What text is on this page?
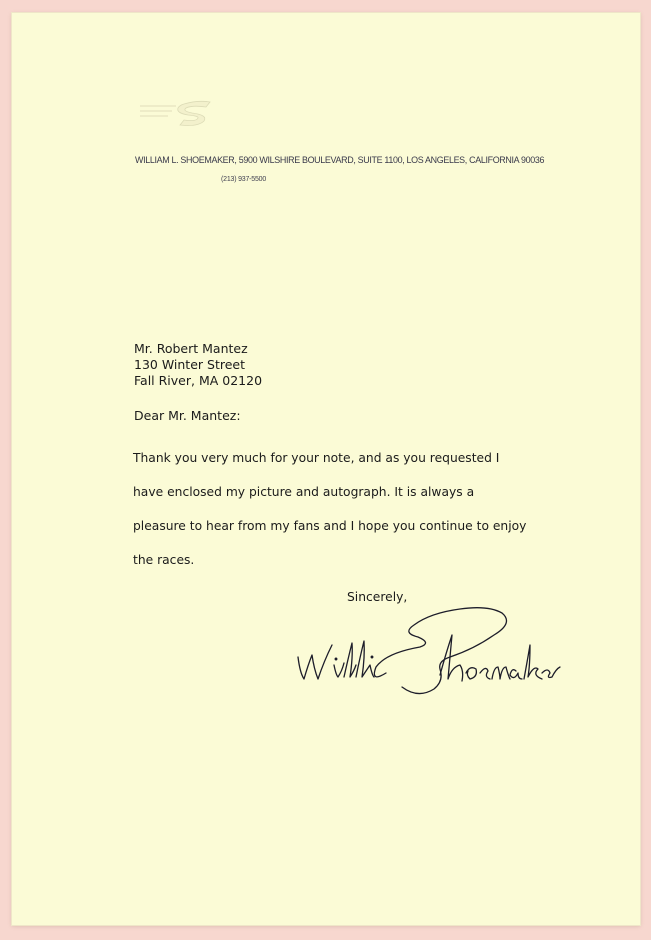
WILLIAM L. SHOEMAKER, 5900 WILSHIRE BOULEVARD, SUITE 1100, LOS ANGELES, CALIFORNIA 90036
(213) 937-5500
Mr. Robert Mantez
130 Winter Street
Fall River, MA 02120
Dear Mr. Mantez:
Thank you very much for your note, and as you requested I
have enclosed my picture and autograph. It is always a
pleasure to hear from my fans and I hope you continue to enjoy
the races.
Sincerely,
